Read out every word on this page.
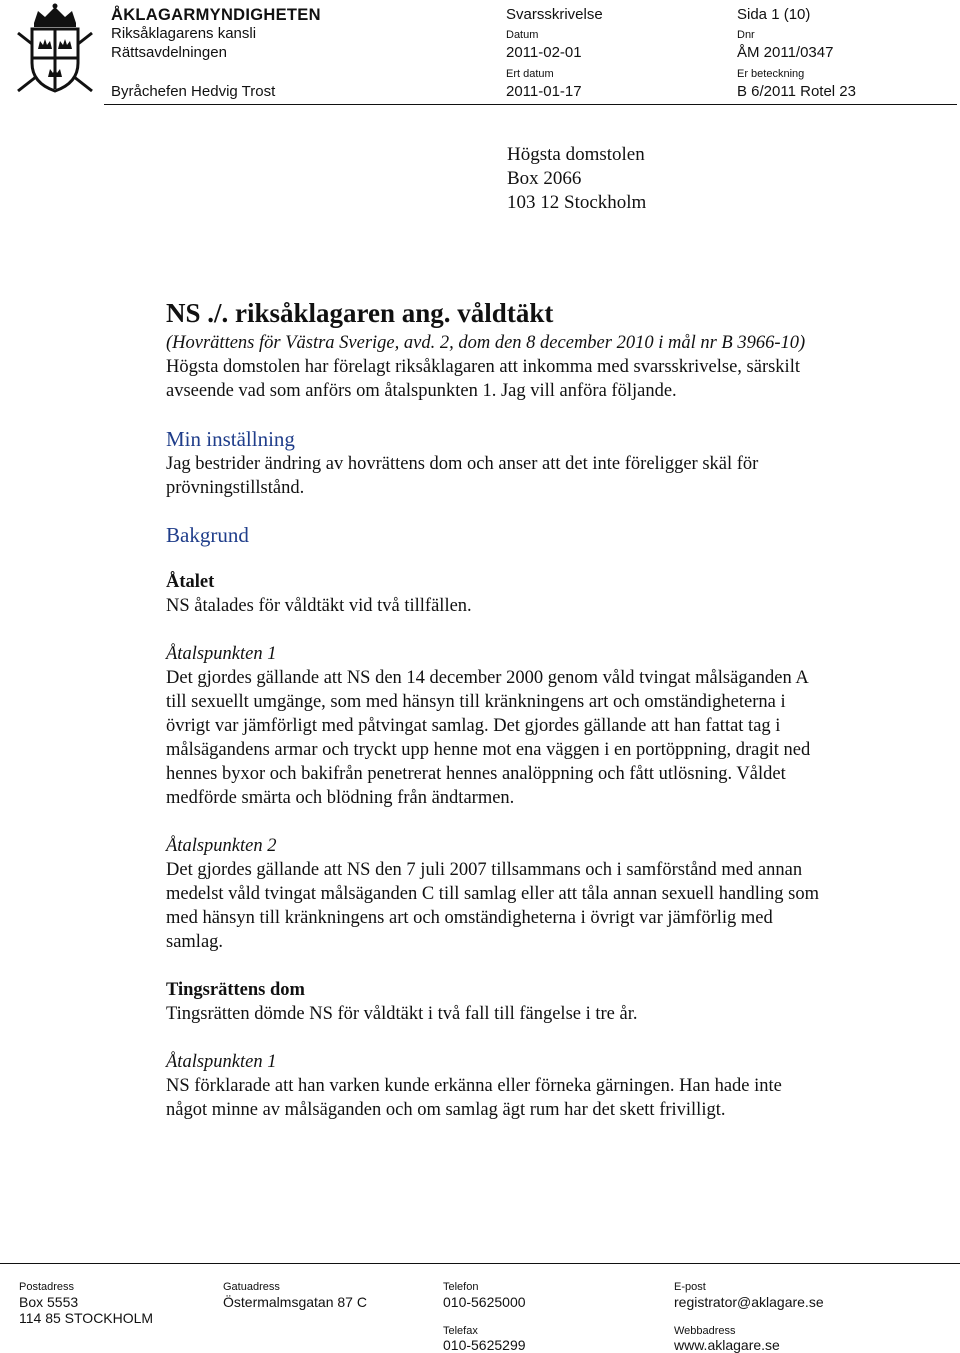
ÅKLAGARMYNDIGHETEN
Riksåklagarens kansli
Rättsavdelningen
Byråchefen Hedvig Trost
Svarsskrivelse
Datum
2011-02-01
Ert datum
2011-01-17
Sida 1 (10)
Dnr
ÅM 2011/0347
Er beteckning
B 6/2011 Rotel 23
Högsta domstolen
Box 2066
103 12 Stockholm

NS ./. riksåklagaren ang. våldtäkt

(Hovrättens för Västra Sverige, avd. 2, dom den 8 december 2010 i mål nr B 3966-10)

Högsta domstolen har förelagt riksåklagaren att inkomma med svarsskrivelse, särskilt avseende vad som anförs om åtalspunkten 1. Jag vill anföra följande.

Min inställning

Jag bestrider ändring av hovrättens dom och anser att det inte föreligger skäl för prövningstillstånd.

Bakgrund

Åtalet

NS åtalades för våldtäkt vid två tillfällen.

Åtalspunkten 1

Det gjordes gällande att NS den 14 december 2000 genom våld tvingat målsäganden A till sexuellt umgänge, som med hänsyn till kränkningens art och omständigheterna i övrigt var jämförligt med påtvingat samlag. Det gjordes gällande att han fattat tag i målsägandens armar och tryckt upp henne mot ena väggen i en portöppning, dragit ned hennes byxor och bakifrån penetrerat hennes analöppning och fått utlösning. Våldet medförde smärta och blödning från ändtarmen.

Åtalspunkten 2

Det gjordes gällande att NS den 7 juli 2007 tillsammans och i samförstånd med annan medelst våld tvingat målsäganden C till samlag eller att tåla annan sexuell handling som med hänsyn till kränkningens art och omständigheterna i övrigt var jämförlig med samlag.

Tingsrättens dom

Tingsrätten dömde NS för våldtäkt i två fall till fängelse i tre år.

Åtalspunkten 1

NS förklarade att han varken kunde erkänna eller förneka gärningen. Han hade inte något minne av målsäganden och om samlag ägt rum har det skett frivilligt.

Postadress
Box 5553
114 85 STOCKHOLM
Gatuadress
Östermalmsgatan 87 C
Telefon
010-5625000
Telefax
010-5625299
E-post
registrator@aklagare.se
Webbadress
www.aklagare.se
